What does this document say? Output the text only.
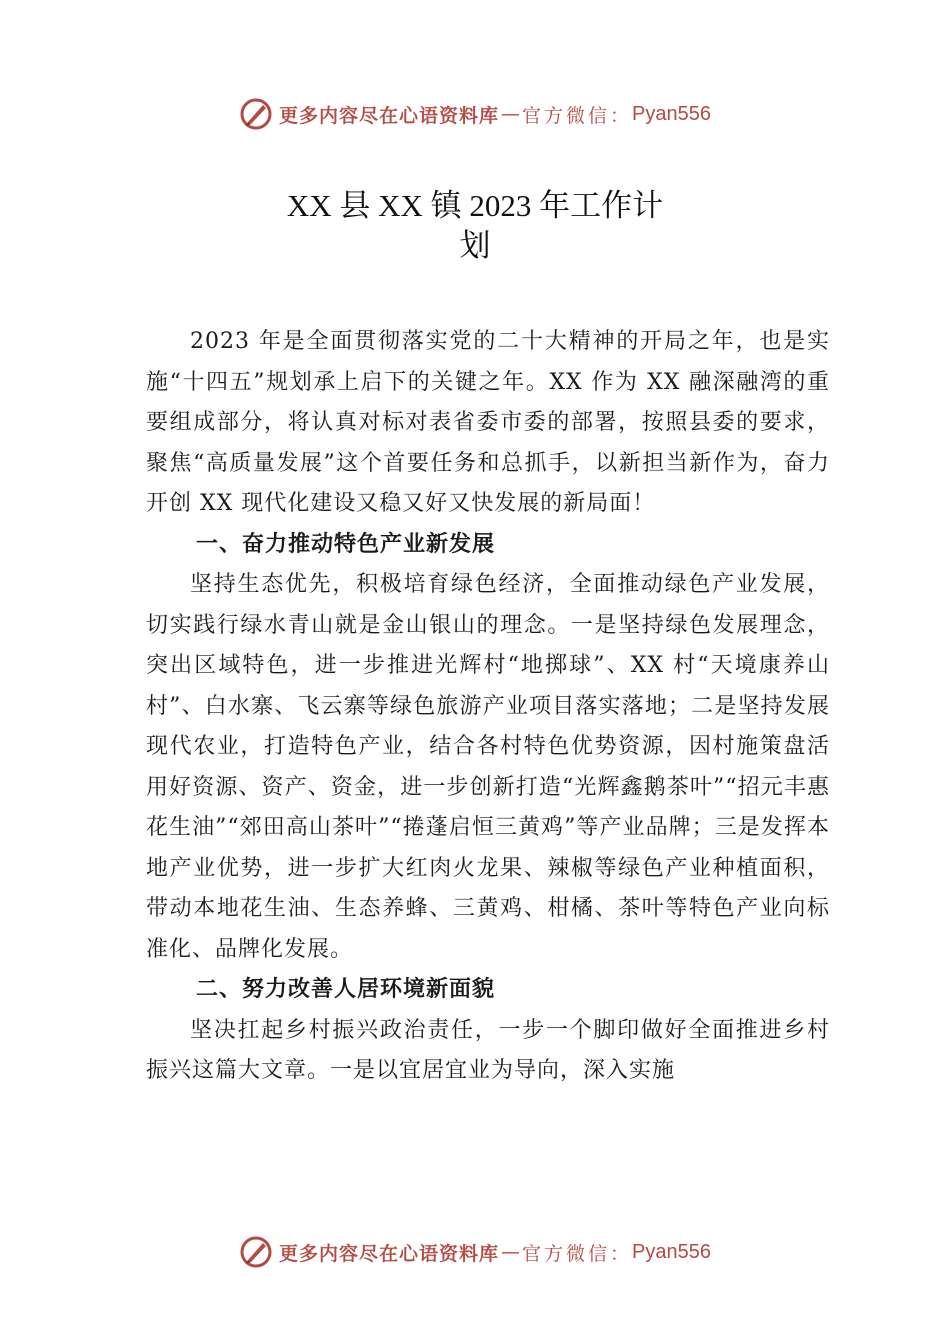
更多内容尽在心语资料库 — 官方微信： Pyan556
XX 县 XX 镇 2023 年工作计
划

2023 年是全面贯彻落实党的二十大精神的开局之年，也是实施“十四五”规划承上启下的关键之年。XX 作为 XX 融深融湾的重要组成部分，将认真对标对表省委市委的部署，按照县委的要求，聚焦“高质量发展”这个首要任务和总抓手，以新担当新作为，奋力开创 XX 现代化建设又稳又好又快发展的新局面！

一、奋力推动特色产业新发展

坚持生态优先，积极培育绿色经济，全面推动绿色产业发展，切实践行绿水青山就是金山银山的理念。一是坚持绿色发展理念，突出区域特色，进一步推进光辉村“地掷球”、XX 村“天境康养山村”、白水寨、飞云寨等绿色旅游产业项目落实落地；二是坚持发展现代农业，打造特色产业，结合各村特色优势资源，因村施策盘活用好资源、资产、资金，进一步创新打造“光辉鑫鹅茶叶”“招元丰惠花生油”“郊田高山茶叶”“捲蓬启恒三黄鸡”等产业品牌；三是发挥本地产业优势，进一步扩大红肉火龙果、辣椒等绿色产业种植面积，带动本地花生油、生态养蜂、三黄鸡、柑橘、茶叶等特色产业向标准化、品牌化发展。

二、努力改善人居环境新面貌

坚决扛起乡村振兴政治责任，一步一个脚印做好全面推进乡村振兴这篇大文章。一是以宜居宜业为导向，深入实施

更多内容尽在心语资料库 — 官方微信： Pyan556
